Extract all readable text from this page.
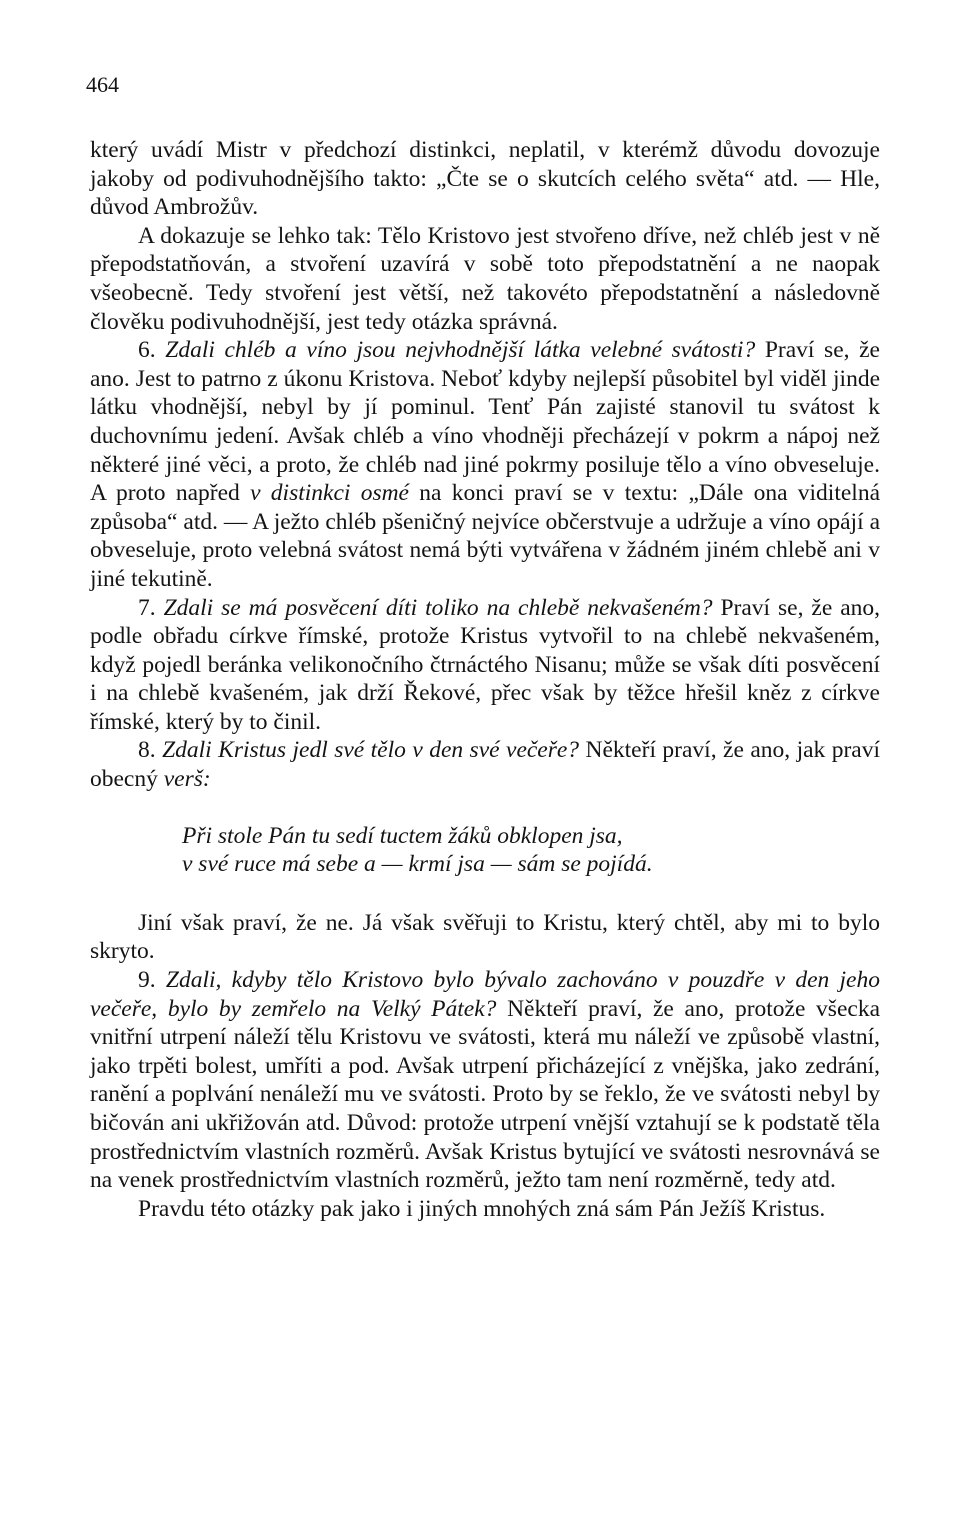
464

který uvádí Mistr v předchozí distinkci, neplatil, v kterémž důvodu dovozuje jakoby od podivuhodnějšího takto: „Čte se o skutcích celého světa“ atd. — Hle, důvod Ambrožův.

A dokazuje se lehko tak: Tělo Kristovo jest stvořeno dříve, než chléb jest v ně přepodstatňován, a stvoření uzavírá v sobě toto přepodstatnění a ne naopak všeobecně. Tedy stvoření jest větší, než takovéto přepodstatnění a následovně člověku podivuhodnější, jest tedy otázka správná.

6. Zdali chléb a víno jsou nejvhodnější látka velebné svátosti? Praví se, že ano. Jest to patrno z úkonu Kristova. Neboť kdyby nejlepší působitel byl viděl jinde látku vhodnější, nebyl by jí pominul. Tenť Pán zajisté stanovil tu svátost k duchovnímu jedení. Avšak chléb a víno vhodněji přecházejí v pokrm a nápoj než některé jiné věci, a proto, že chléb nad jiné pokrmy posiluje tělo a víno obveseluje. A proto napřed v distinkci osmé na konci praví se v textu: „Dále ona viditelná způsoba“ atd. — A ježto chléb pšeničný nejvíce občerstvuje a udržuje a víno opájí a obveseluje, proto velebná svátost nemá býti vytvářena v žádném jiném chlebě ani v jiné tekutině.

7. Zdali se má posvěcení díti toliko na chlebě nekvašeném? Praví se, že ano, podle obřadu církve římské, protože Kristus vytvořil to na chlebě nekvašeném, když pojedl beránka velikonočního čtrnáctého Nisanu; může se však díti posvěcení i na chlebě kvašeném, jak drží Řekové, přec však by těžce hřešil kněz z církve římské, který by to činil.

8. Zdali Kristus jedl své tělo v den své večeře? Někteří praví, že ano, jak praví obecný verš:

Při stole Pán tu sedí tuctem žáků obklopen jsa,
v své ruce má sebe a — krmí jsa — sám se pojídá.

Jiní však praví, že ne. Já však svěřuji to Kristu, který chtěl, aby mi to bylo skryto.

9. Zdali, kdyby tělo Kristovo bylo bývalo zachováno v pouzdře v den jeho večeře, bylo by zemřelo na Velký Pátek? Někteří praví, že ano, protože všecka vnitřní utrpení náleží tělu Kristovu ve svátosti, která mu náleží ve způsobě vlastní, jako trpěti bolest, umříti a pod. Avšak utrpení přicházející z vnějška, jako zedrání, ranění a poplvání nenáleží mu ve svátosti. Proto by se řeklo, že ve svátosti nebyl by bičován ani ukřižován atd. Důvod: protože utrpení vnější vztahují se k podstatě těla prostřednictvím vlastních rozměrů. Avšak Kristus bytující ve svátosti nesrovnává se na venek prostřednictvím vlastních rozměrů, ježto tam není rozměrně, tedy atd.

Pravdu této otázky pak jako i jiných mnohých zná sám Pán Ježíš Kristus.
